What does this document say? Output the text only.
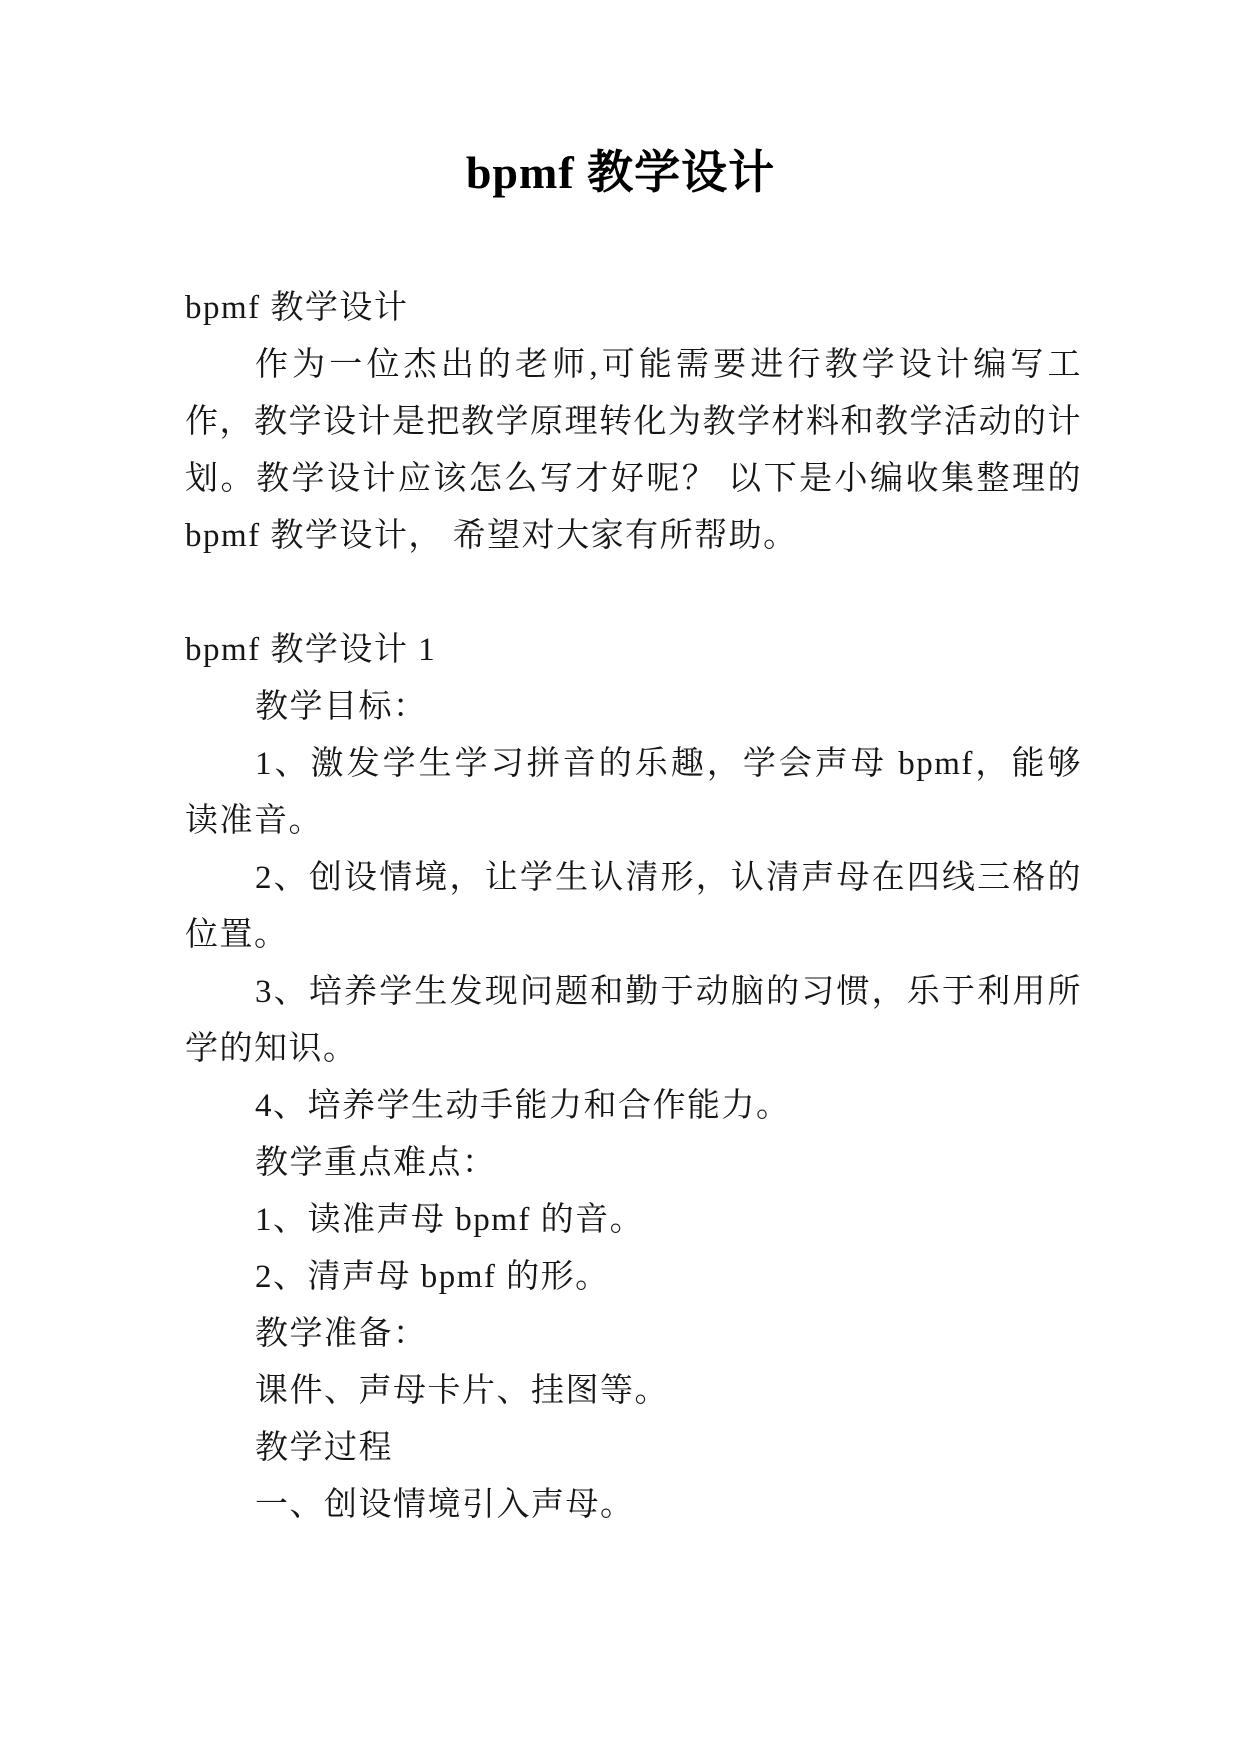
bpmf 教学设计

bpmf 教学设计

作为一位杰出的老师,可能需要进行教学设计编写工作，教学设计是把教学原理转化为教学材料和教学活动的计划。教学设计应该怎么写才好呢？ 以下是小编收集整理的 bpmf 教学设计， 希望对大家有所帮助。

bpmf 教学设计 1

教学目标：

1、激发学生学习拼音的乐趣，学会声母 bpmf，能够读准音。

2、创设情境，让学生认清形，认清声母在四线三格的位置。

3、培养学生发现问题和勤于动脑的习惯，乐于利用所学的知识。

4、培养学生动手能力和合作能力。

教学重点难点：

1、读准声母 bpmf 的音。

2、清声母 bpmf 的形。

教学准备：

课件、声母卡片、挂图等。

教学过程

一、创设情境引入声母。
